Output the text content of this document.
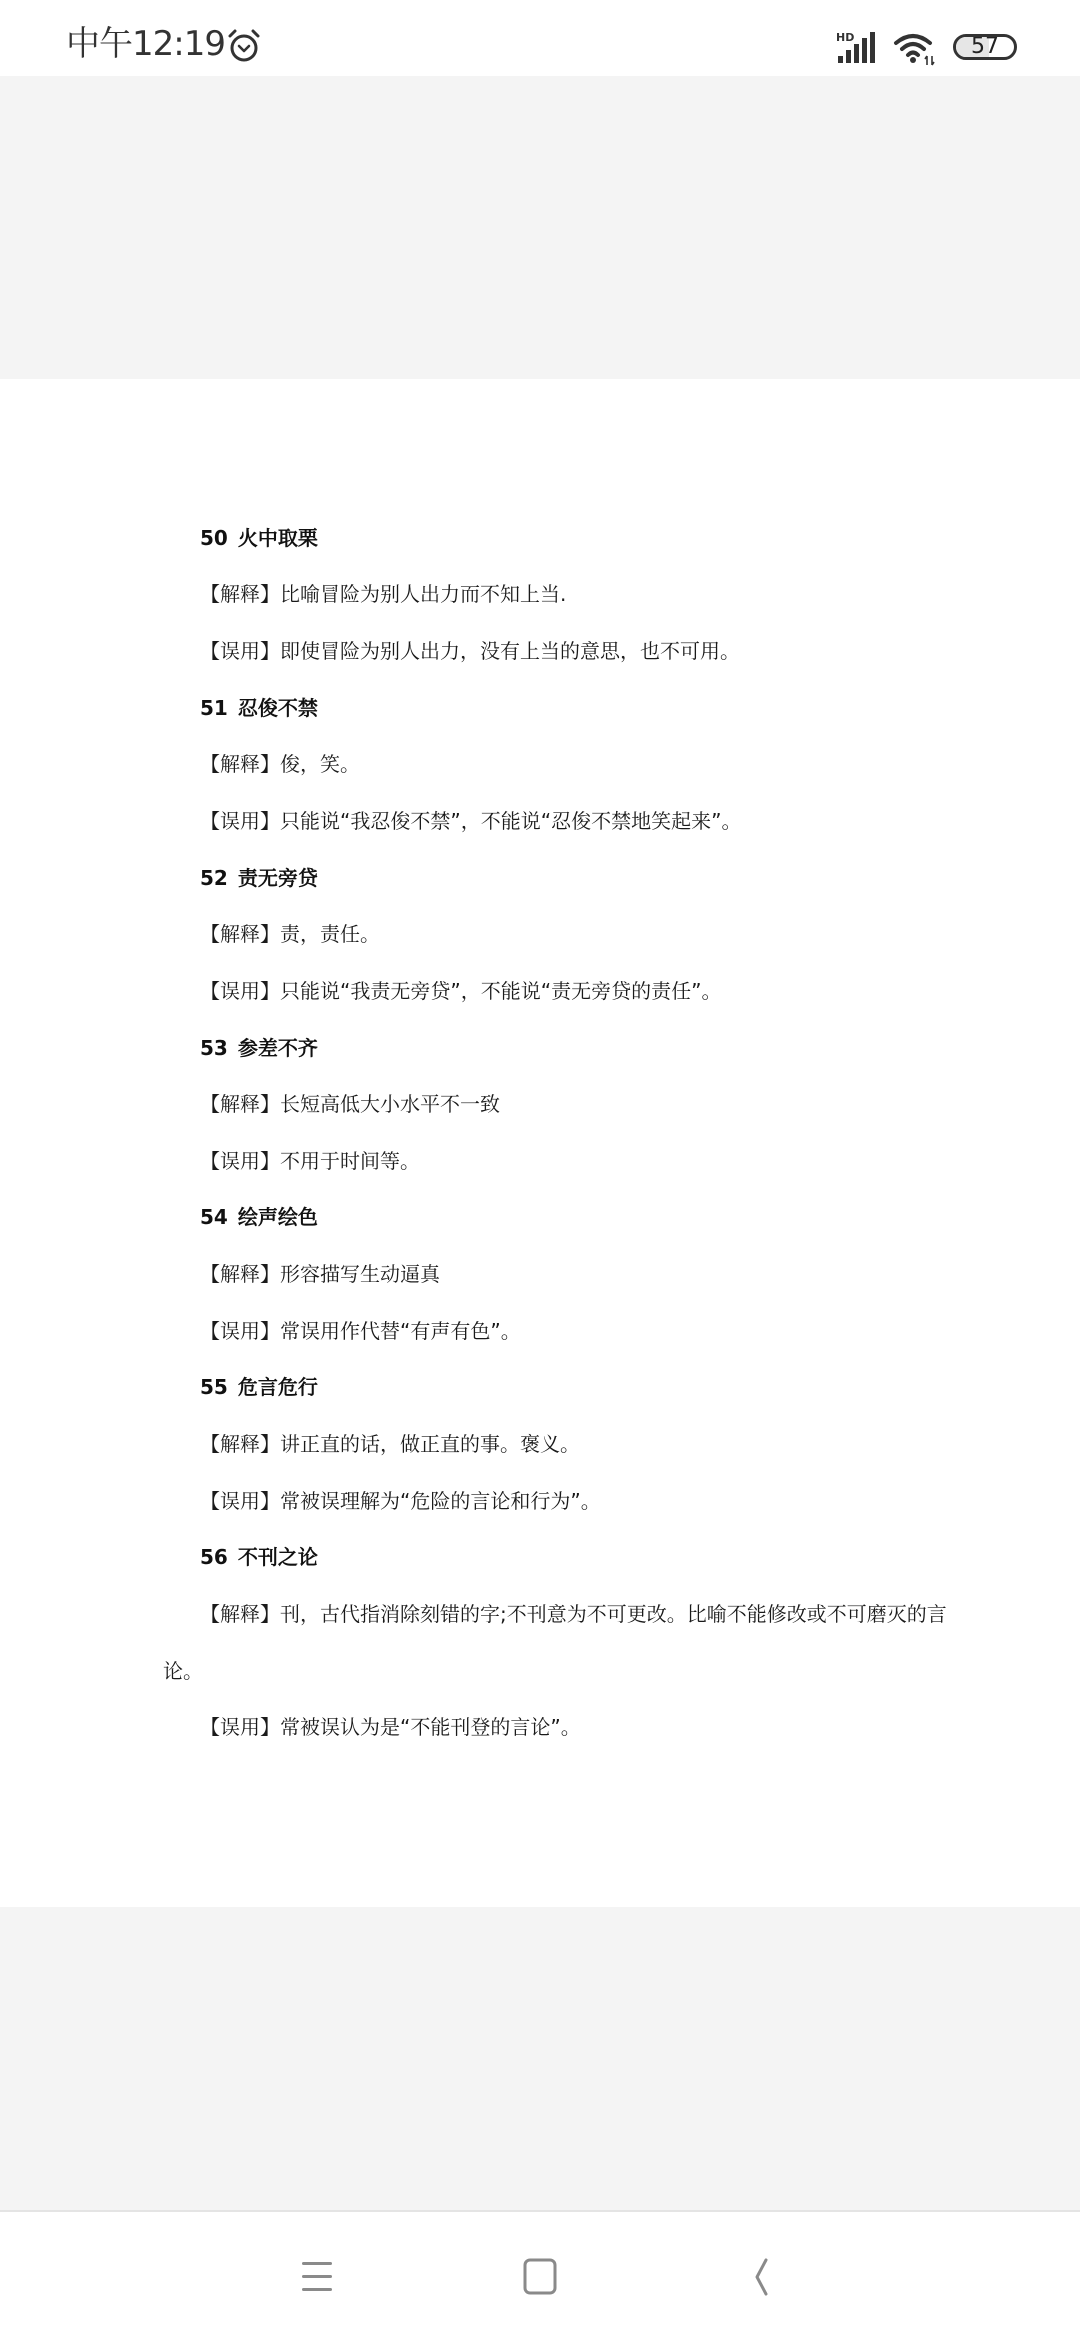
中午12:19	HD	57
50 火中取栗
【解释】比喻冒险为别人出力而不知上当.
【误用】即使冒险为别人出力，没有上当的意思，也不可用。
51 忍俊不禁
【解释】俊，笑。
【误用】只能说“我忍俊不禁”，不能说“忍俊不禁地笑起来”。
52 责无旁贷
【解释】责，责任。
【误用】只能说“我责无旁贷”，不能说“责无旁贷的责任”。
53 参差不齐
【解释】长短高低大小水平不一致
【误用】不用于时间等。
54 绘声绘色
【解释】形容描写生动逼真
【误用】常误用作代替“有声有色”。
55 危言危行
【解释】讲正直的话，做正直的事。褒义。
【误用】常被误理解为“危险的言论和行为”。
56 不刊之论
【解释】刊，古代指消除刻错的字;不刊意为不可更改。比喻不能修改或不可磨灭的言
论。
【误用】常被误认为是“不能刊登的言论”。
